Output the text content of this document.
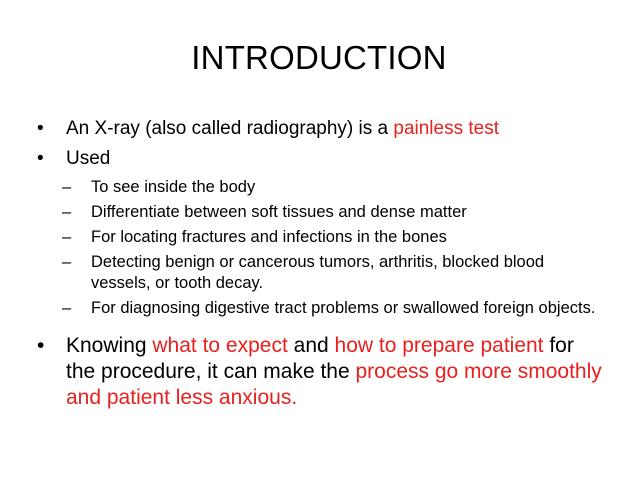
INTRODUCTION
•	An X-ray (also called radiography) is a painless test
•	Used
– To see inside the body
– Differentiate between soft tissues and dense matter
– For locating fractures and infections in the bones
– Detecting benign or cancerous tumors, arthritis, blocked blood vessels, or tooth decay.
– For diagnosing digestive tract problems or swallowed foreign objects.
•	Knowing what to expect and how to prepare patient for the procedure, it can make the process go more smoothly and patient less anxious.
